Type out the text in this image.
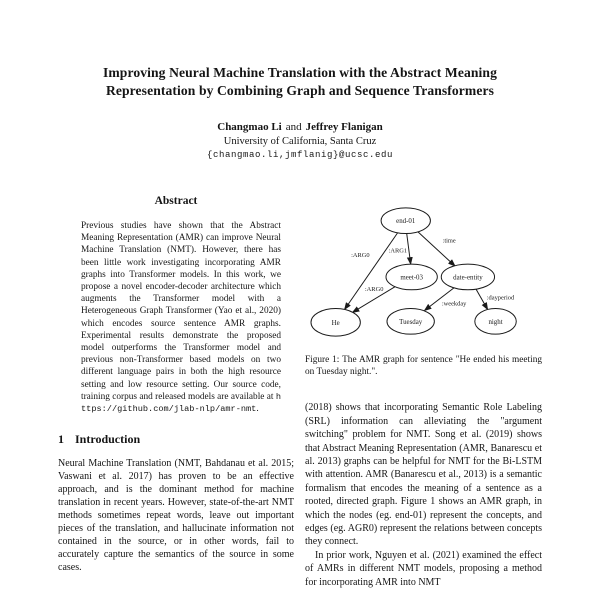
Improving Neural Machine Translation with the Abstract Meaning Representation by Combining Graph and Sequence Transformers
Changmao Li and Jeffrey Flanigan
University of California, Santa Cruz
{changmao.li,jmflanig}@ucsc.edu
Abstract

Previous studies have shown that the Abstract Meaning Representation (AMR) can improve Neural Machine Translation (NMT). However, there has been little work investigating incorporating AMR graphs into Transformer models. In this work, we propose a novel encoder-decoder architecture which augments the Transformer model with a Heterogeneous Graph Transformer (Yao et al., 2020) which encodes source sentence AMR graphs. Experimental results demonstrate the proposed model outperforms the Transformer model and previous non-Transformer based models on two different language pairs in both the high resource setting and low resource setting. Our source code, training corpus and released models are available at https://github.com/jlab-nlp/amr-nmt.

1 Introduction

Neural Machine Translation (NMT, Bahdanau et al. 2015; Vaswani et al. 2017) has proven to be an effective approach, and is the dominant method for machine translation in recent years. However, state-of-the-art NMT methods sometimes repeat words, leave out important pieces of the translation, and hallucinate information not contained in the source, or in other words, fail to accurately capture the semantics of the source in some cases.

:ARG0
:ARG1
:time
:ARG0
:weekday
:dayperiod
end-01
meet-03	date-entity
He	Tuesday	night
Figure 1: The AMR graph for sentence "He ended his meeting on Tuesday night.".

(2018) shows that incorporating Semantic Role Labeling (SRL) information can alleviating the "argument switching" problem for NMT. Song et al. (2019) shows that Abstract Meaning Representation (AMR, Banarescu et al. 2013) graphs can be helpful for NMT for the Bi-LSTM with attention. AMR (Banarescu et al., 2013) is a semantic formalism that encodes the meaning of a sentence as a rooted, directed graph. Figure 1 shows an AMR graph, in which the nodes (eg. end-01) represent the concepts, and edges (eg. AGR0) represent the relations between concepts they connect.

In prior work, Nguyen et al. (2021) examined the effect of AMRs in different NMT models, proposing a method for incorporating AMR into NMT
